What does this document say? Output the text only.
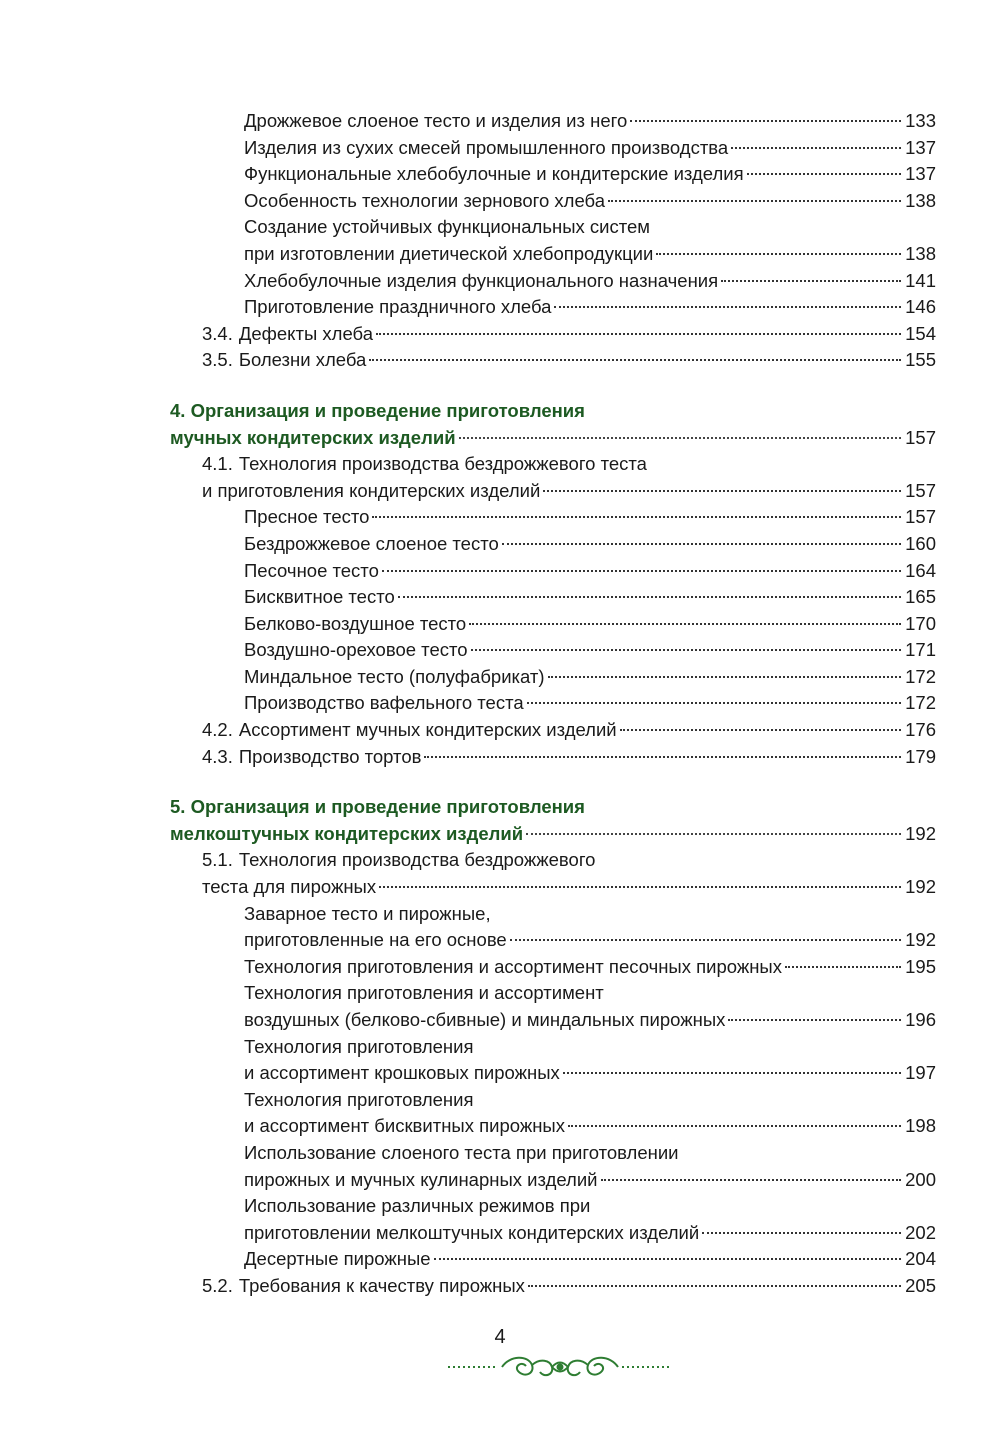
Дрожжевое слоеное тесто и изделия из него	133
Изделия из сухих смесей промышленного производства	137
Функциональные хлебобулочные и кондитерские изделия	137
Особенность технологии зернового хлеба	138
Создание устойчивых функциональных систем
при изготовлении диетической хлебопродукции	138
Хлебобулочные изделия функционального назначения	141
Приготовление праздничного хлеба	146
3.4. Дефекты хлеба	154
3.5. Болезни хлеба	155
4. Организация и проведение приготовления
мучных кондитерских изделий	157
4.1. Технология производства бездрожжевого теста
и приготовления кондитерских изделий	157
Пресное тесто	157
Бездрожжевое слоеное тесто	160
Песочное тесто	164
Бисквитное тесто	165
Белково-воздушное тесто	170
Воздушно-ореховое тесто	171
Миндальное тесто (полуфабрикат)	172
Производство вафельного теста	172
4.2. Ассортимент мучных кондитерских изделий	176
4.3. Производство тортов	179
5. Организация и проведение приготовления
мелкоштучных кондитерских изделий	192
5.1. Технология производства бездрожжевого
теста для пирожных	192
Заварное тесто и пирожные,
приготовленные на его основе	192
Технология приготовления и ассортимент песочных пирожных	195
Технология приготовления и ассортимент
воздушных (белково-сбивные) и миндальных пирожных	196
Технология приготовления
и ассортимент крошковых пирожных	197
Технология приготовления
и ассортимент бисквитных пирожных	198
Использование слоеного теста при приготовлении
пирожных и мучных кулинарных изделий	200
Использование различных режимов при
приготовлении мелкоштучных кондитерских изделий	202
Десертные пирожные	204
5.2. Требования к качеству пирожных	205
4
